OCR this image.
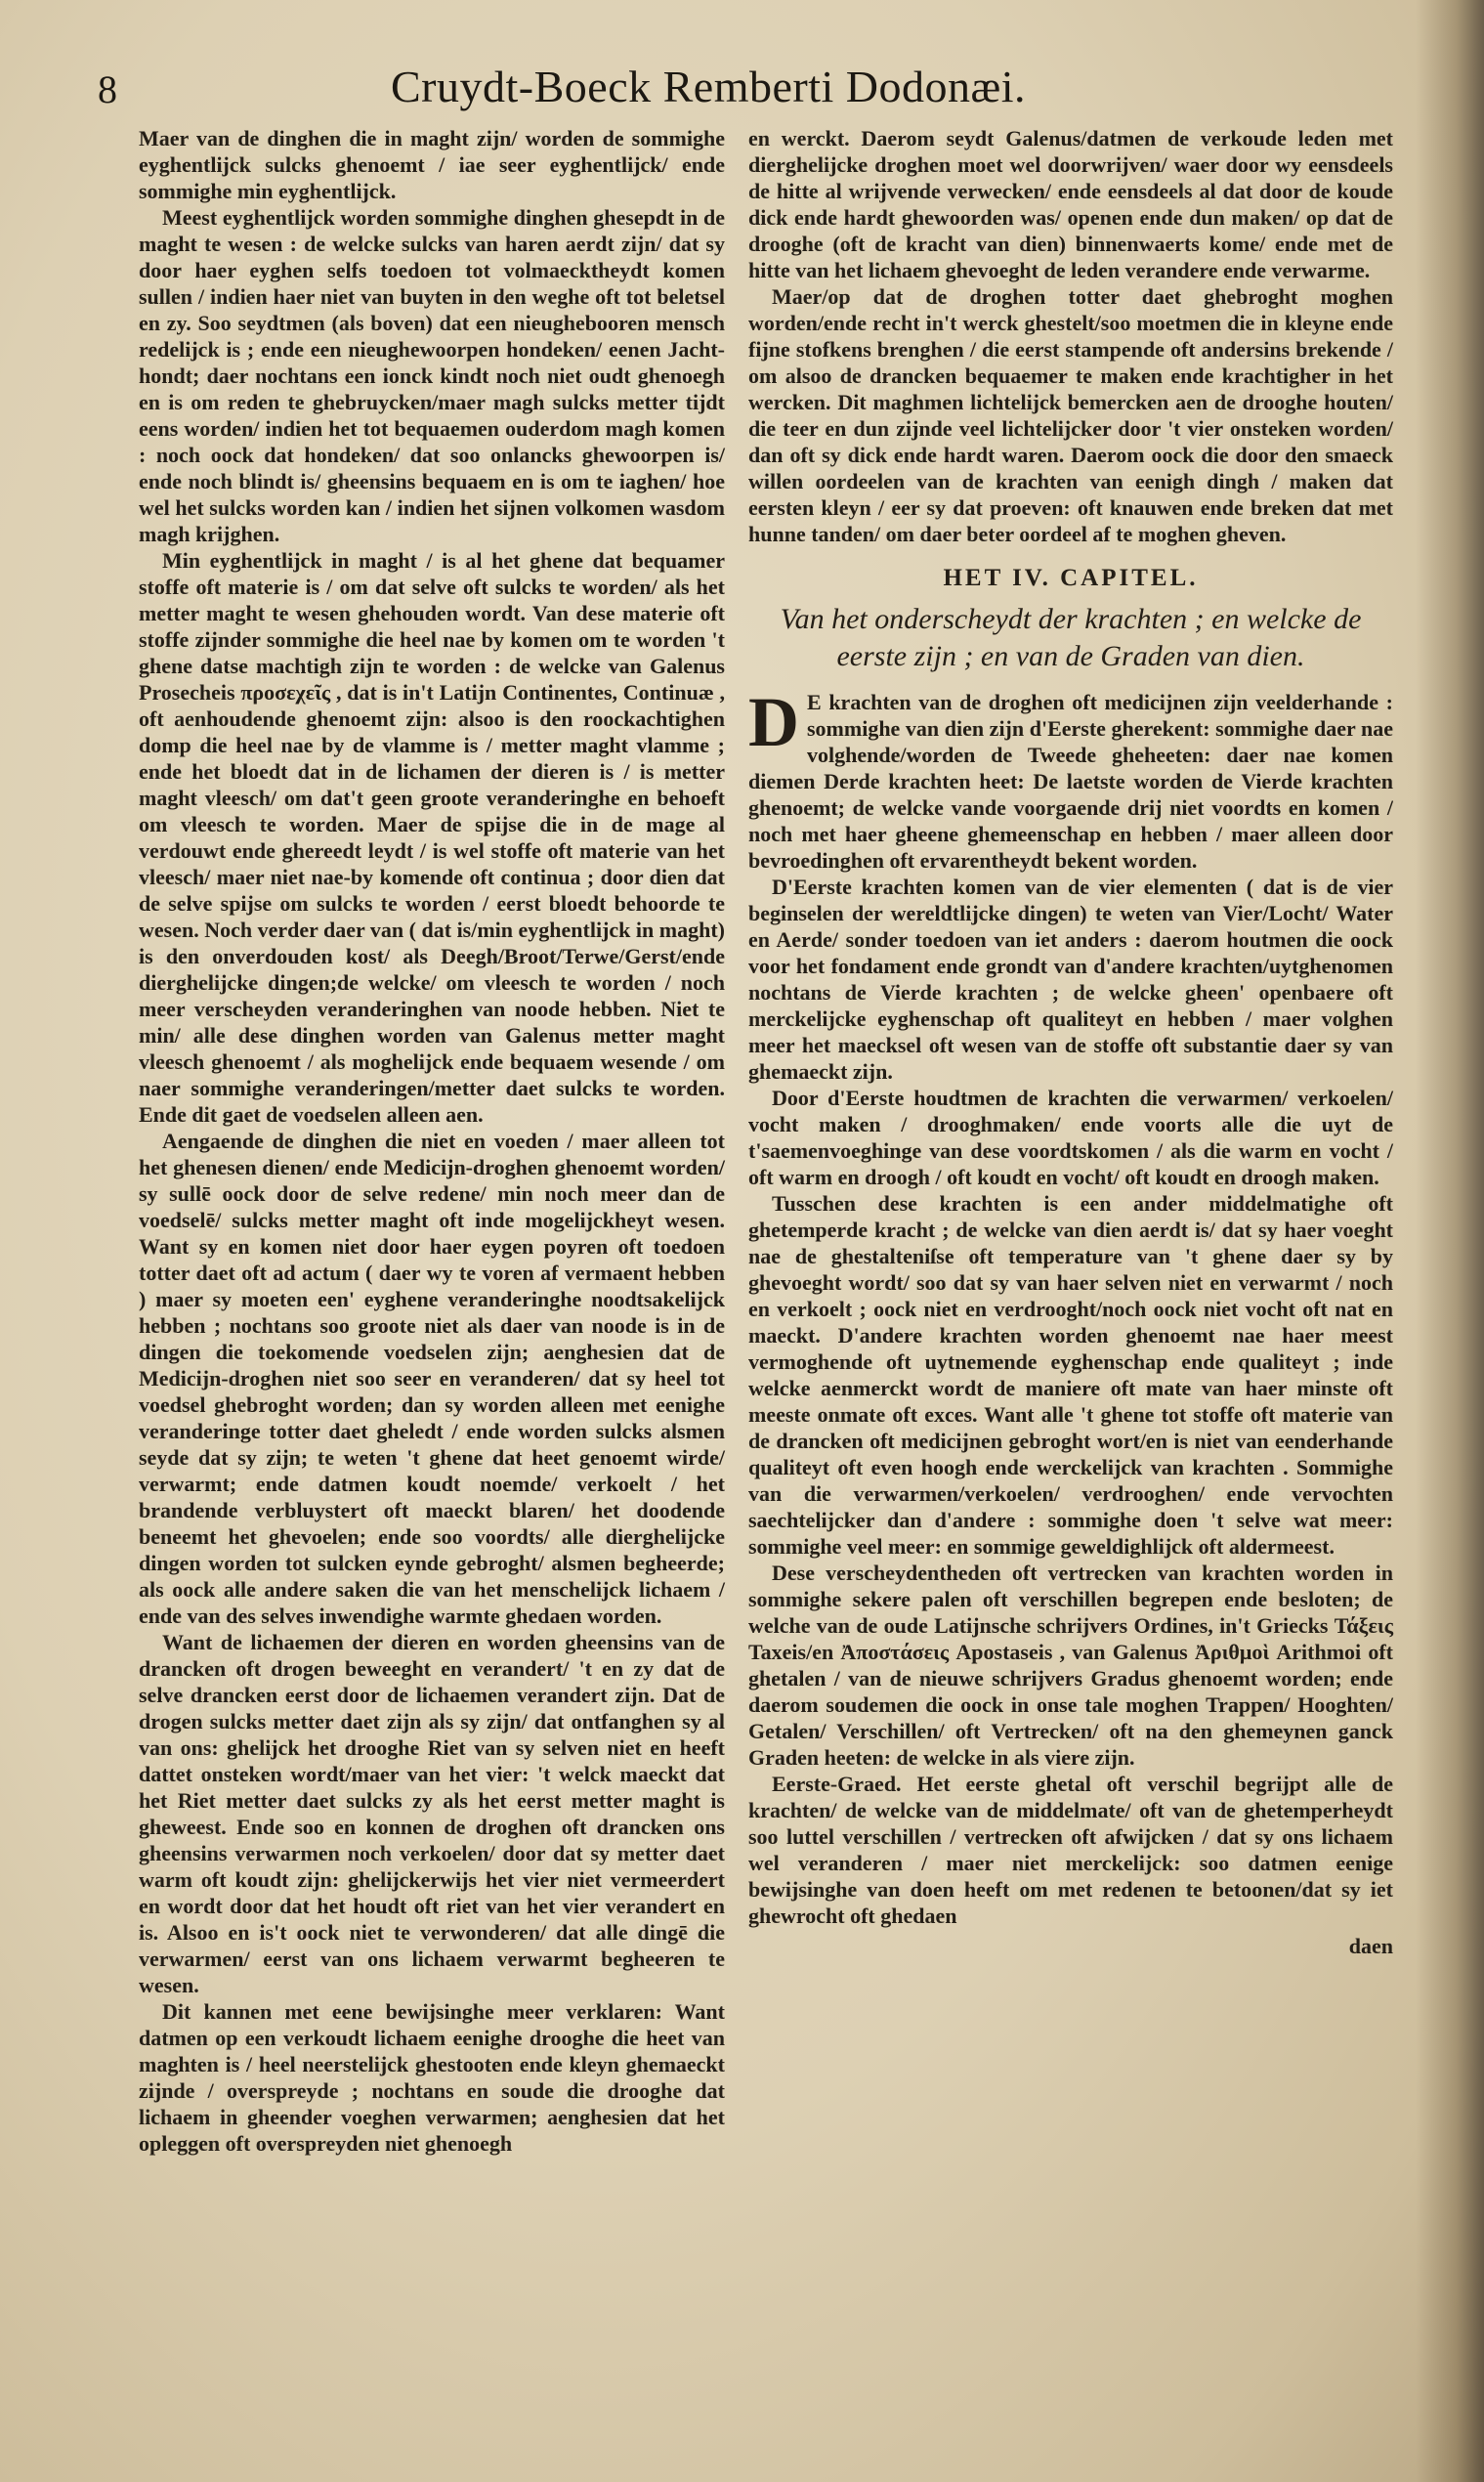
8	Cruydt-Boeck Remberti Dodonæi.

Maer van de dinghen die in maght zijn/ worden de sommighe eyghentlijck sulcks ghenoemt / iae seer eyghentlijck/ ende sommighe min eyghentlijck.

Meest eyghentlijck worden sommighe dinghen ghesepdt in de maght te wesen : de welcke sulcks van haren aerdt zijn/ dat sy door haer eyghen selfs toedoen tot volmaecktheydt komen sullen / indien haer niet van buyten in den weghe oft tot beletsel en zy. Soo seydtmen (als boven) dat een nieughebooren mensch redelijck is ; ende een nieughewoorpen hondeken/ eenen Jacht-hondt; daer nochtans een ionck kindt noch niet oudt ghenoegh en is om reden te ghebruycken/maer magh sulcks metter tijdt eens worden/ indien het tot bequaemen ouderdom magh komen : noch oock dat hondeken/ dat soo onlancks ghewoorpen is/ ende noch blindt is/ gheensins bequaem en is om te iaghen/ hoe wel het sulcks worden kan / indien het sijnen volkomen wasdom magh krijghen.

Min eyghentlijck in maght / is al het ghene dat bequamer stoffe oft materie is / om dat selve oft sulcks te worden/ als het metter maght te wesen ghehouden wordt. Van dese materie oft stoffe zijnder sommighe die heel nae by komen om te worden 't ghene datse machtigh zijn te worden : de welcke van Galenus Prosecheis προσεχεῖς , dat is in't Latijn Continentes, Continuæ , oft aenhoudende ghenoemt zijn: alsoo is den roockachtighen domp die heel nae by de vlamme is / metter maght vlamme ; ende het bloedt dat in de lichamen der dieren is / is metter maght vleesch/ om dat't geen groote veranderinghe en behoeft om vleesch te worden. Maer de spijse die in de mage al verdouwt ende ghereedt leydt / is wel stoffe oft materie van het vleesch/ maer niet nae-by komende oft continua ; door dien dat de selve spijse om sulcks te worden / eerst bloedt behoorde te wesen. Noch verder daer van ( dat is/min eyghentlijck in maght) is den onverdouden kost/ als Deegh/Broot/Terwe/Gerst/ende dierghelijcke dingen;de welcke/ om vleesch te worden / noch meer verscheyden veranderinghen van noode hebben. Niet te min/ alle dese dinghen worden van Galenus metter maght vleesch ghenoemt / als moghelijck ende bequaem wesende / om naer sommighe veranderingen/metter daet sulcks te worden. Ende dit gaet de voedselen alleen aen.

Aengaende de dinghen die niet en voeden / maer alleen tot het ghenesen dienen/ ende Medicijn-droghen ghenoemt worden/ sy sullē oock door de selve redene/ min noch meer dan de voedselē/ sulcks metter maght oft inde mogelijckheyt wesen. Want sy en komen niet door haer eygen poyren oft toedoen totter daet oft ad actum ( daer wy te voren af vermaent hebben ) maer sy moeten een' eyghene veranderinghe noodtsakelijck hebben ; nochtans soo groote niet als daer van noode is in de dingen die toekomende voedselen zijn; aenghesien dat de Medicijn-droghen niet soo seer en veranderen/ dat sy heel tot voedsel ghebroght worden; dan sy worden alleen met eenighe veranderinge totter daet gheledt / ende worden sulcks alsmen seyde dat sy zijn; te weten 't ghene dat heet genoemt wirde/ verwarmt; ende datmen koudt noemde/ verkoelt / het brandende verbluystert oft maeckt blaren/ het doodende beneemt het ghevoelen; ende soo voordts/ alle dierghelijcke dingen worden tot sulcken eynde gebroght/ alsmen begheerde; als oock alle andere saken die van het menschelijck lichaem / ende van des selves inwendighe warmte ghedaen worden.

Want de lichaemen der dieren en worden gheensins van de drancken oft drogen beweeght en verandert/ 't en zy dat de selve drancken eerst door de lichaemen verandert zijn. Dat de drogen sulcks metter daet zijn als sy zijn/ dat ontfanghen sy al van ons: ghelijck het drooghe Riet van sy selven niet en heeft dattet onsteken wordt/maer van het vier: 't welck maeckt dat het Riet metter daet sulcks zy als het eerst metter maght is gheweest. Ende soo en konnen de droghen oft drancken ons gheensins verwarmen noch verkoelen/ door dat sy metter daet warm oft koudt zijn: ghelijckerwijs het vier niet vermeerdert en wordt door dat het houdt oft riet van het vier verandert en is. Alsoo en is't oock niet te verwonderen/ dat alle dingē die verwarmen/ eerst van ons lichaem verwarmt begheeren te wesen.

Dit kannen met eene bewijsinghe meer verklaren: Want datmen op een verkoudt lichaem eenighe drooghe die heet van maghten is / heel neerstelijck ghestooten ende kleyn ghemaeckt zijnde / overspreyde ; nochtans en soude die drooghe dat lichaem in gheender voeghen verwarmen; aenghesien dat het opleggen oft overspreyden niet ghenoegh

en werckt. Daerom seydt Galenus/datmen de verkoude leden met dierghelijcke droghen moet wel doorwrijven/ waer door wy eensdeels de hitte al wrijvende verwecken/ ende eensdeels al dat door de koude dick ende hardt ghewoorden was/ openen ende dun maken/ op dat de drooghe (oft de kracht van dien) binnenwaerts kome/ ende met de hitte van het lichaem ghevoeght de leden verandere ende verwarme.

Maer/op dat de droghen totter daet ghebroght moghen worden/ende recht in't werck ghestelt/soo moetmen die in kleyne ende fijne stofkens brenghen / die eerst stampende oft andersins brekende / om alsoo de drancken bequaemer te maken ende krachtigher in het wercken. Dit maghmen lichtelijck bemercken aen de drooghe houten/ die teer en dun zijnde veel lichtelijcker door 't vier onsteken worden/ dan oft sy dick ende hardt waren. Daerom oock die door den smaeck willen oordeelen van de krachten van eenigh dingh / maken dat eersten kleyn / eer sy dat proeven: oft knauwen ende breken dat met hunne tanden/ om daer beter oordeel af te moghen gheven.

HET IV. CAPITEL.
Van het onderscheydt der krachten ; en welcke de eerste zijn ; en van de Graden van dien.
D E krachten van de droghen oft medicijnen zijn veelderhande : sommighe van dien zijn d'Eerste gherekent: sommighe daer nae volghende/worden de Tweede gheheeten: daer nae komen diemen Derde krachten heet: De laetste worden de Vierde krachten ghenoemt; de welcke vande voorgaende drij niet voordts en komen / noch met haer gheene ghemeenschap en hebben / maer alleen door bevroedinghen oft ervarentheydt bekent worden.

D'Eerste krachten komen van de vier elementen ( dat is de vier beginselen der wereldtlijcke dingen) te weten van Vier/Locht/ Water en Aerde/ sonder toedoen van iet anders : daerom houtmen die oock voor het fondament ende grondt van d'andere krachten/uytghenomen nochtans de Vierde krachten ; de welcke gheen' openbaere oft merckelijcke eyghenschap oft qualiteyt en hebben / maer volghen meer het maecksel oft wesen van de stoffe oft substantie daer sy van ghemaeckt zijn.

Door d'Eerste houdtmen de krachten die verwarmen/ verkoelen/ vocht maken / drooghmaken/ ende voorts alle die uyt de t'saemenvoeghinge van dese voordtskomen / als die warm en vocht / oft warm en droogh / oft koudt en vocht/ oft koudt en droogh maken.

Tusschen dese krachten is een ander middelmatighe oft ghetemperde kracht ; de welcke van dien aerdt is/ dat sy haer voeght nae de ghestalteniſse oft temperature van 't ghene daer sy by ghevoeght wordt/ soo dat sy van haer selven niet en verwarmt / noch en verkoelt ; oock niet en verdrooght/noch oock niet vocht oft nat en maeckt. D'andere krachten worden ghenoemt nae haer meest vermoghende oft uytnemende eyghenschap ende qualiteyt ; inde welcke aenmerckt wordt de maniere oft mate van haer minste oft meeste onmate oft exces. Want alle 't ghene tot stoffe oft materie van de drancken oft medicijnen gebroght wort/en is niet van eenderhande qualiteyt oft even hoogh ende werckelijck van krachten . Sommighe van die verwarmen/verkoelen/ verdrooghen/ ende vervochten saechtelijcker dan d'andere : sommighe doen 't selve wat meer: sommighe veel meer: en sommige geweldighlijck oft aldermeest.

Dese verscheydentheden oft vertrecken van krachten worden in sommighe sekere palen oft verschillen begrepen ende besloten; de welche van de oude Latijnsche schrijvers Ordines, in't Griecks Τάξεις Taxeis/en Ἀποστάσεις Apostaseis , van Galenus Ἀριθμοὶ Arithmoi oft ghetalen / van de nieuwe schrijvers Gradus ghenoemt worden; ende daerom soudemen die oock in onse tale moghen Trappen/ Hooghten/ Getalen/ Verschillen/ oft Vertrecken/ oft na den ghemeynen ganck Graden heeten: de welcke in als viere zijn.

Eerste-Graed. Het eerste ghetal oft verschil begrijpt alle de krachten/ de welcke van de middelmate/ oft van de ghetemperheydt soo luttel verschillen / vertrecken oft afwijcken / dat sy ons lichaem wel veranderen / maer niet merckelijck: soo datmen eenige bewijsinghe van doen heeft om met redenen te betoonen/dat sy iet ghewrocht oft ghedaen

daen
